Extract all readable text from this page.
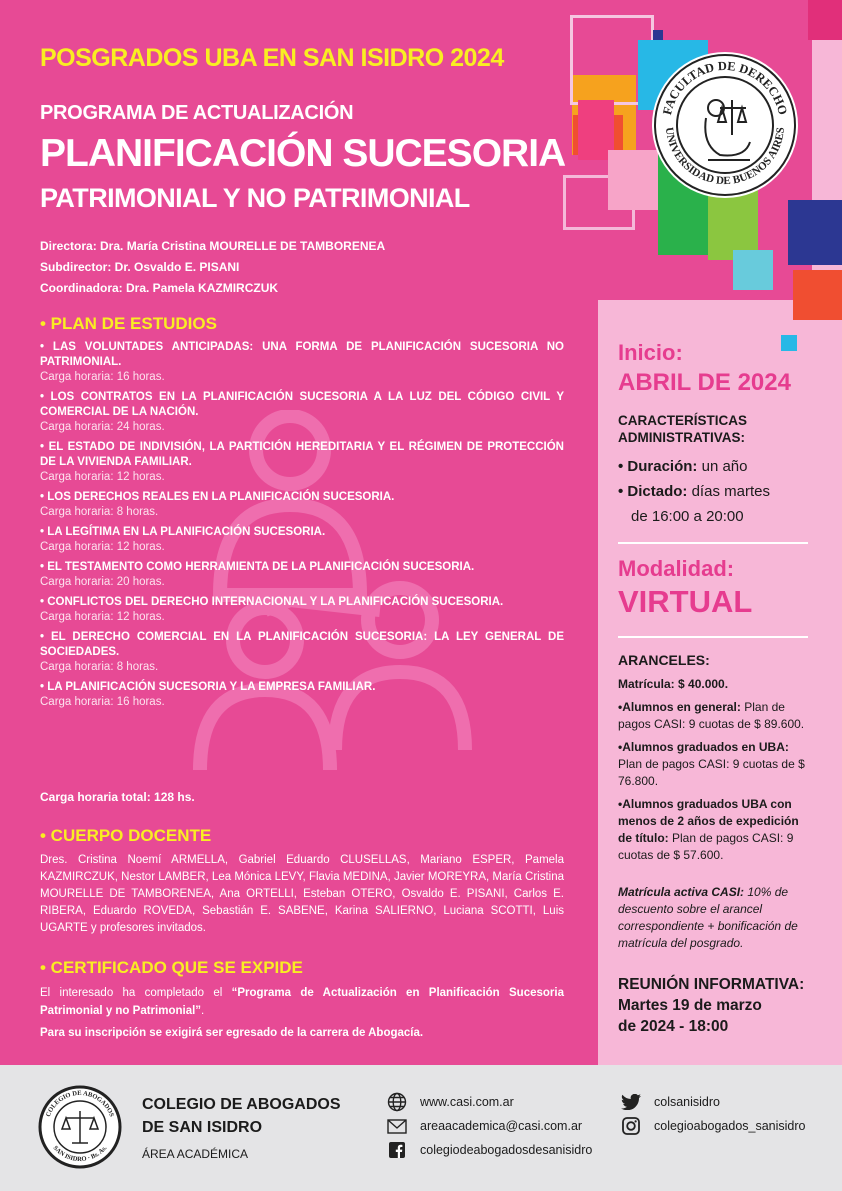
POSGRADOS UBA EN SAN ISIDRO 2024
PROGRAMA DE ACTUALIZACIÓN
PLANIFICACIÓN SUCESORIA
PATRIMONIAL Y NO PATRIMONIAL
Directora: Dra. María Cristina MOURELLE DE TAMBORENEA
Subdirector: Dr. Osvaldo E. PISANI
Coordinadora: Dra. Pamela KAZMIRCZUK
• PLAN DE ESTUDIOS
• LAS VOLUNTADES ANTICIPADAS: UNA FORMA DE PLANIFICACIÓN SUCESORIA NO PATRIMONIAL.
Carga horaria: 16 horas.
• LOS CONTRATOS EN LA PLANIFICACIÓN SUCESORIA A LA LUZ DEL CÓDIGO CIVIL Y COMERCIAL DE LA NACIÓN.
Carga horaria: 24 horas.
• EL ESTADO DE INDIVISIÓN, LA PARTICIÓN HEREDITARIA Y EL RÉGIMEN DE PROTECCIÓN DE LA VIVIENDA FAMILIAR.
Carga horaria: 12 horas.
• LOS DERECHOS REALES EN LA PLANIFICACIÓN SUCESORIA.
Carga horaria: 8 horas.
• LA LEGÍTIMA EN LA PLANIFICACIÓN SUCESORIA.
Carga horaria: 12 horas.
• EL TESTAMENTO COMO HERRAMIENTA DE LA PLANIFICACIÓN SUCESORIA.
Carga horaria: 20 horas.
• CONFLICTOS DEL DERECHO INTERNACIONAL Y LA PLANIFICACIÓN SUCESORIA.
Carga horaria: 12 horas.
• EL DERECHO COMERCIAL EN LA PLANIFICACIÓN SUCESORIA: LA LEY GENERAL DE SOCIEDADES.
Carga horaria: 8 horas.
• LA PLANIFICACIÓN SUCESORIA Y LA EMPRESA FAMILIAR.
Carga horaria: 16 horas.
Carga horaria total: 128 hs.
• CUERPO DOCENTE
Dres. Cristina Noemí ARMELLA, Gabriel Eduardo CLUSELLAS, Mariano ESPER, Pamela KAZMIRCZUK, Nestor LAMBER, Lea Mónica LEVY, Flavia MEDINA, Javier MOREYRA, María Cristina MOURELLE DE TAMBORENEA, Ana ORTELLI, Esteban OTERO, Osvaldo E. PISANI, Carlos E. RIBERA, Eduardo ROVEDA, Sebastián E. SABENE, Karina SALIERNO, Luciana SCOTTI, Luis UGARTE y profesores invitados.
• CERTIFICADO QUE SE EXPIDE
El interesado ha completado el “Programa de Actualización en Planificación Sucesoria Patrimonial y no Patrimonial”.
Para su inscripción se exigirá ser egresado de la carrera de Abogacía.
FACULTAD DE DERECHO
UNIVERSIDAD DE BUENOS AIRES
Inicio:
ABRIL DE 2024
CARACTERÍSTICAS
ADMINISTRATIVAS:
• Duración: un año
• Dictado: días martes
de 16:00 a 20:00
Modalidad:
VIRTUAL
ARANCELES:

Matrícula: $ 40.000.

•Alumnos en general: Plan de pagos CASI: 9 cuotas de $ 89.600.

•Alumnos graduados en UBA: Plan de pagos CASI: 9 cuotas de $ 76.800.

•Alumnos graduados UBA con menos de 2 años de expedición de título: Plan de pagos CASI: 9 cuotas de $ 57.600.

Matrícula activa CASI: 10% de descuento sobre el arancel correspondiente + bonificación de matrícula del posgrado.
REUNIÓN INFORMATIVA:
Martes 19 de marzo
de 2024 - 18:00
COLEGIO DE ABOGADOS
SAN ISIDRO · Bs. As.
COLEGIO DE ABOGADOS
DE SAN ISIDRO
ÁREA ACADÉMICA
www.casi.com.ar
areaacademica@casi.com.ar
colegiodeabogadosdesanisidro
colsanisidro
colegioabogados_sanisidro
